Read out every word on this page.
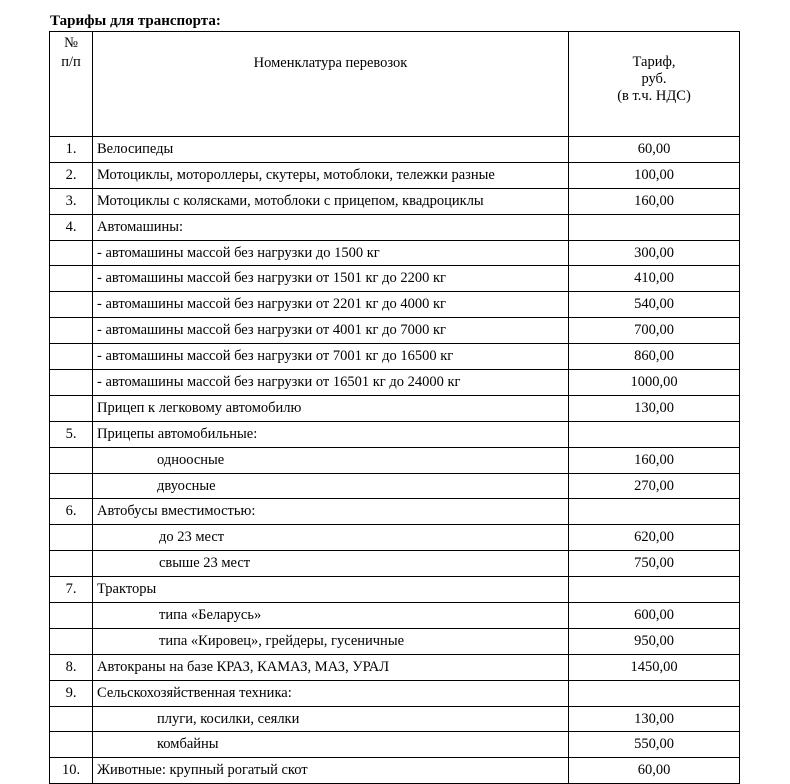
Тарифы для транспорта:
№
п/п	Номенклатура перевозок	Тариф,
руб.
(в т.ч. НДС)

1.	Велосипеды	60,00
2.	Мотоциклы, мотороллеры, скутеры, мотоблоки, тележки разные	100,00
3.	Мотоциклы с колясками, мотоблоки с прицепом, квадроциклы	160,00
4.	Автомашины:	
	- автомашины массой без нагрузки до 1500 кг	300,00
	- автомашины массой без нагрузки от 1501 кг до 2200 кг	410,00
	- автомашины массой без нагрузки от 2201 кг до 4000 кг	540,00
	- автомашины массой без нагрузки от 4001 кг до 7000 кг	700,00
	- автомашины массой без нагрузки от 7001 кг до 16500 кг	860,00
	- автомашины массой без нагрузки от 16501 кг до 24000 кг	1000,00
	Прицеп к легковому автомобилю	130,00
5.	Прицепы автомобильные:	
	одноосные	160,00
	двуосные	270,00
6.	Автобусы вместимостью:	
	до 23 мест	620,00
	свыше 23 мест	750,00
7.	Тракторы	
	типа «Беларусь»	600,00
	типа «Кировец», грейдеры, гусеничные	950,00
8.	Автокраны на базе КРАЗ, КАМАЗ, МАЗ, УРАЛ	1450,00
9.	Сельскохозяйственная техника:	
	плуги, косилки, сеялки	130,00
	комбайны	550,00
10.	Животные: крупный рогатый скот	60,00
